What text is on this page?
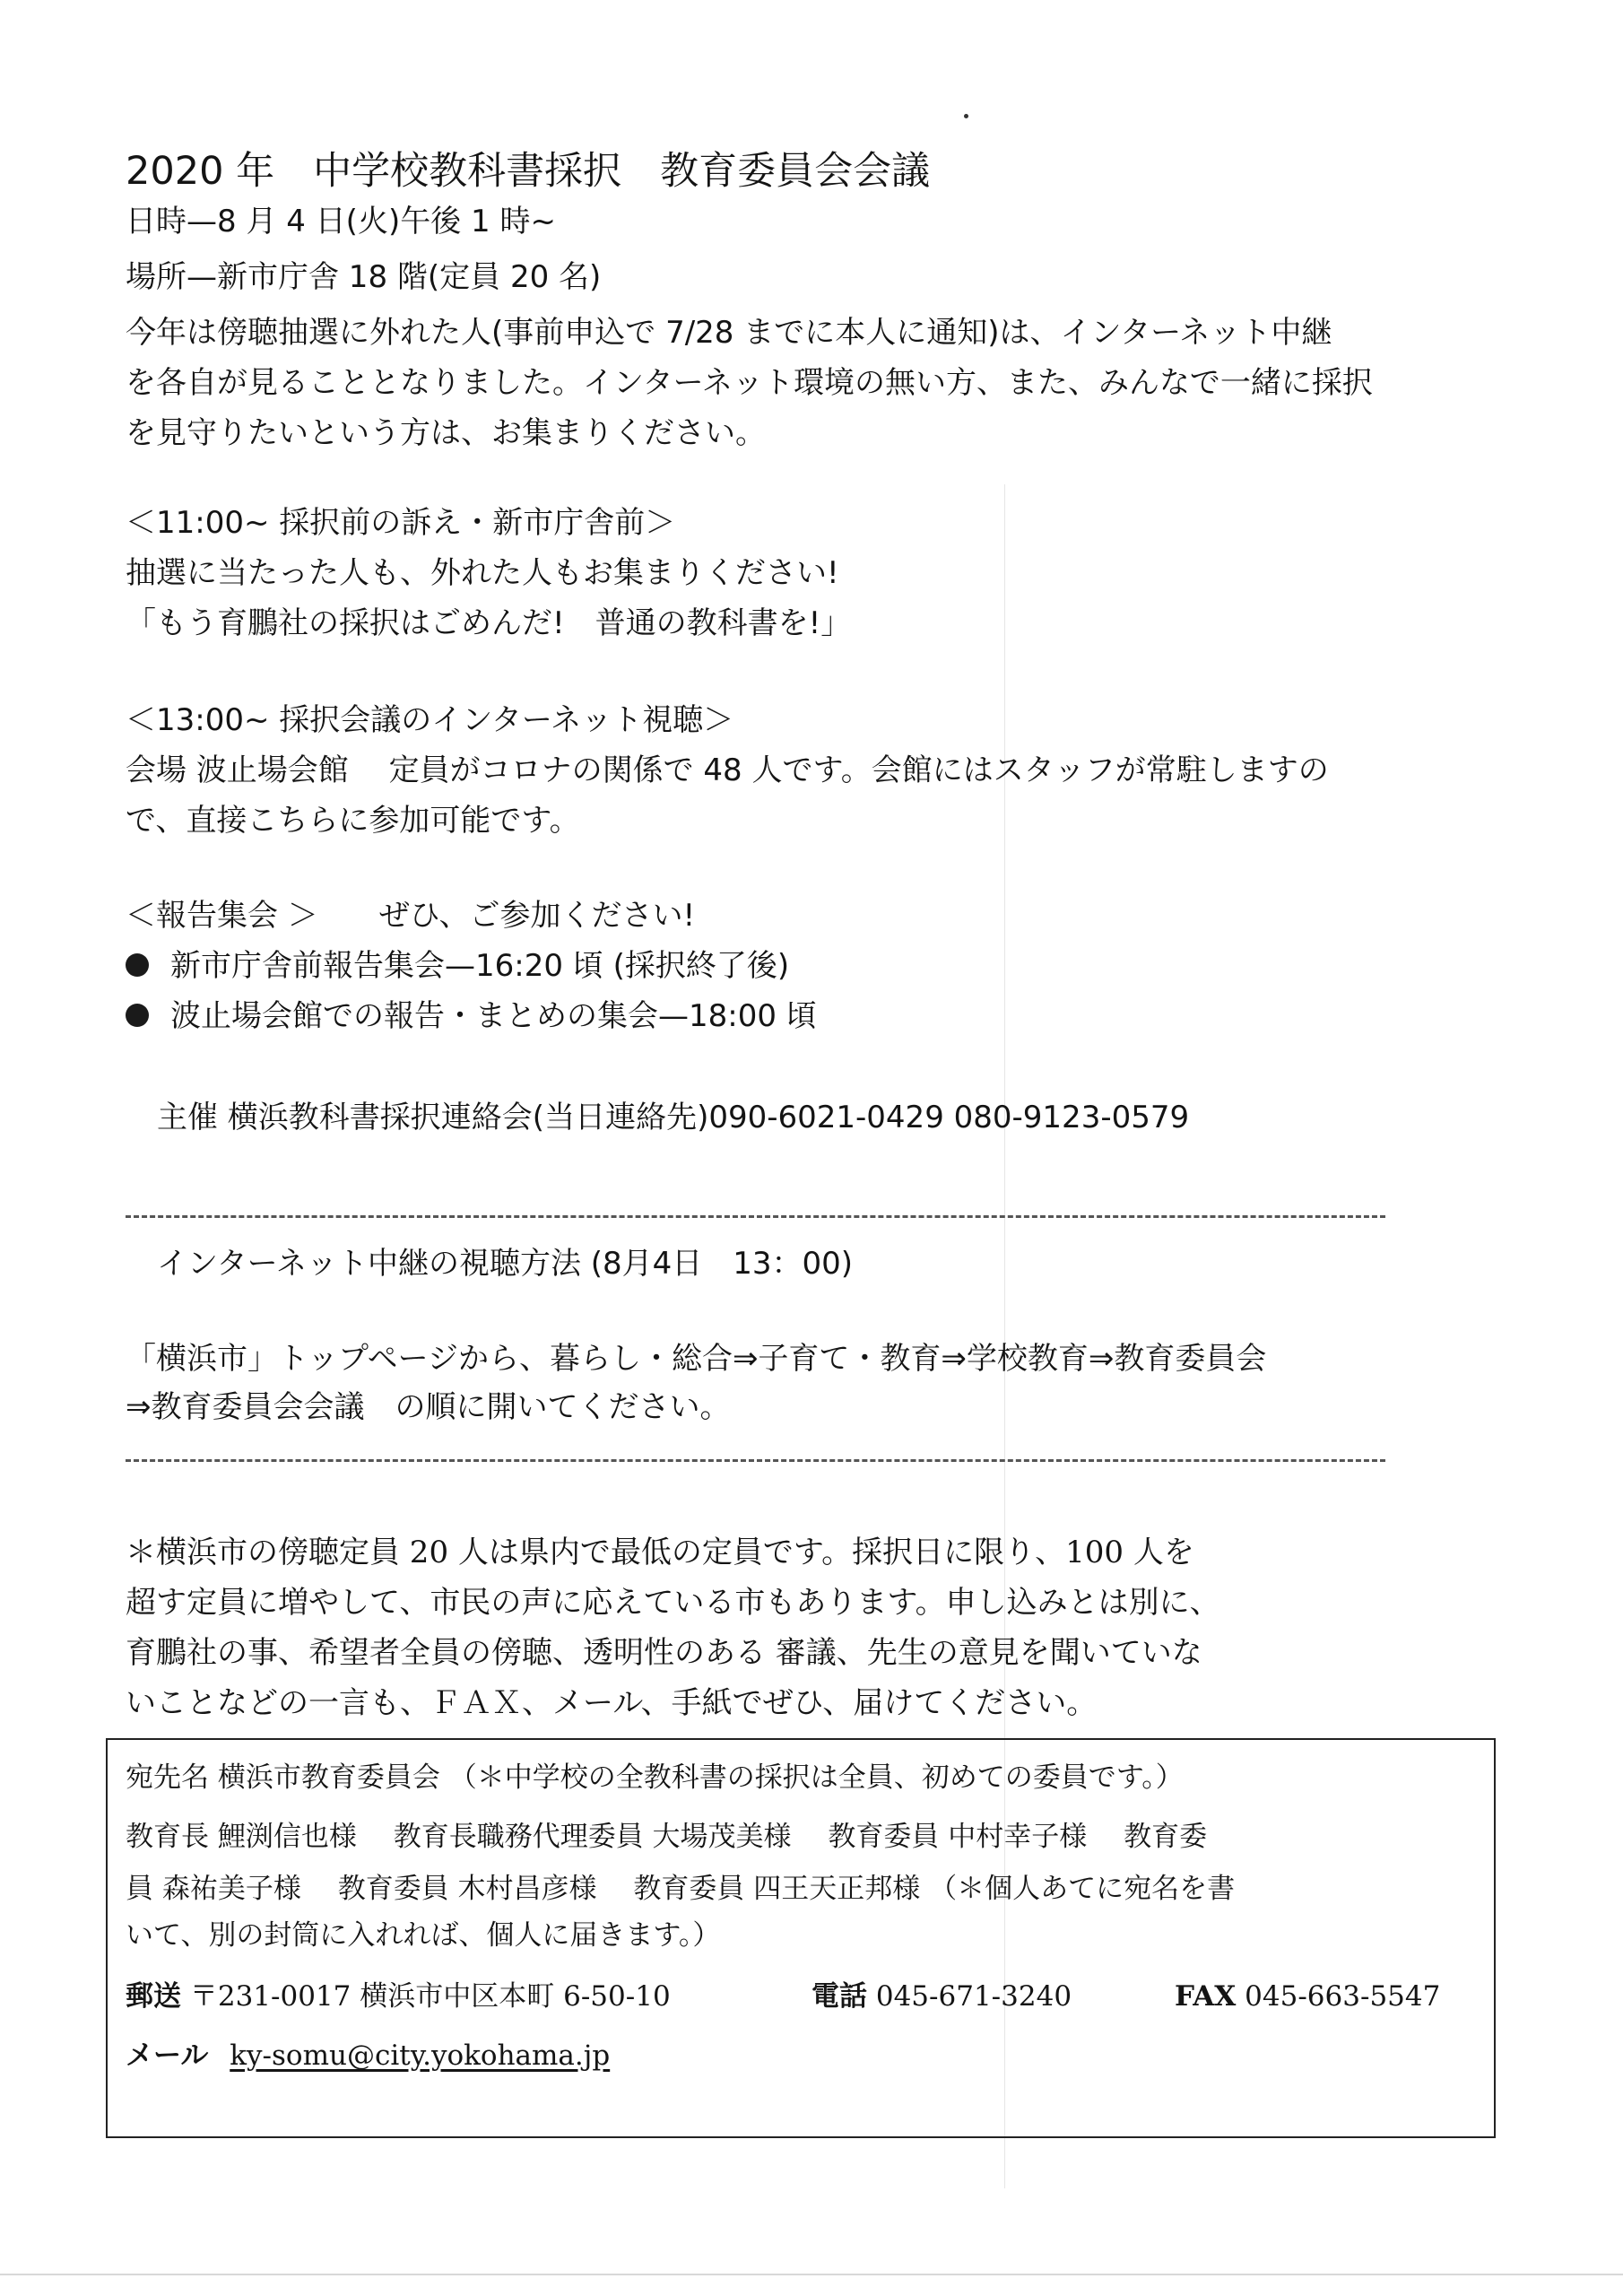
2020 年　中学校教科書採択　教育委員会会議
日時—8 月 4 日(火)午後 1 時~
場所—新市庁舎 18 階(定員 20 名)
今年は傍聴抽選に外れた人(事前申込で 7/28 までに本人に通知)は、インターネット中継
を各自が見ることとなりました。インターネット環境の無い方、また、みんなで一緒に採択
を見守りたいという方は、お集まりください。
＜11:00~ 採択前の訴え・新市庁舎前＞
抽選に当たった人も、外れた人もお集まりください!
「もう育鵬社の採択はごめんだ!　普通の教科書を!」
＜13:00~ 採択会議のインターネット視聴＞
会場 波止場会館　 定員がコロナの関係で 48 人です。会館にはスタッフが常駐しますの
で、直接こちらに参加可能です。
＜報告集会 ＞　　ぜひ、ご参加ください!
新市庁舎前報告集会—16:20 頃 (採択終了後)
波止場会館での報告・まとめの集会—18:00 頃
主催 横浜教科書採択連絡会(当日連絡先)090-6021-0429 080-9123-0579
インターネット中継の視聴方法 (8月4日　13：00)
「横浜市」トップページから、暮らし・総合⇒子育て・教育⇒学校教育⇒教育委員会
⇒教育委員会会議　の順に開いてください。
＊横浜市の傍聴定員 20 人は県内で最低の定員です。採択日に限り、100 人を
超す定員に増やして、市民の声に応えている市もあります。申し込みとは別に、
育鵬社の事、希望者全員の傍聴、透明性のある 審議、先生の意見を聞いていな
いことなどの一言も、ＦＡＸ、メール、手紙でぜひ、届けてください。
宛先名 横浜市教育委員会 （＊中学校の全教科書の採択は全員、初めての委員です。）
教育長 鯉渕信也様　 教育長職務代理委員 大場茂美様　 教育委員 中村幸子様　 教育委
員 森祐美子様　 教育委員 木村昌彦様　 教育委員 四王天正邦様 （＊個人あてに宛名を書
いて、別の封筒に入れれば、個人に届きます。）
郵送 〒231-0017 横浜市中区本町 6-50-10	電話 045-671-3240	FAX 045-663-5547
メール ky-somu@city.yokohama.jp
